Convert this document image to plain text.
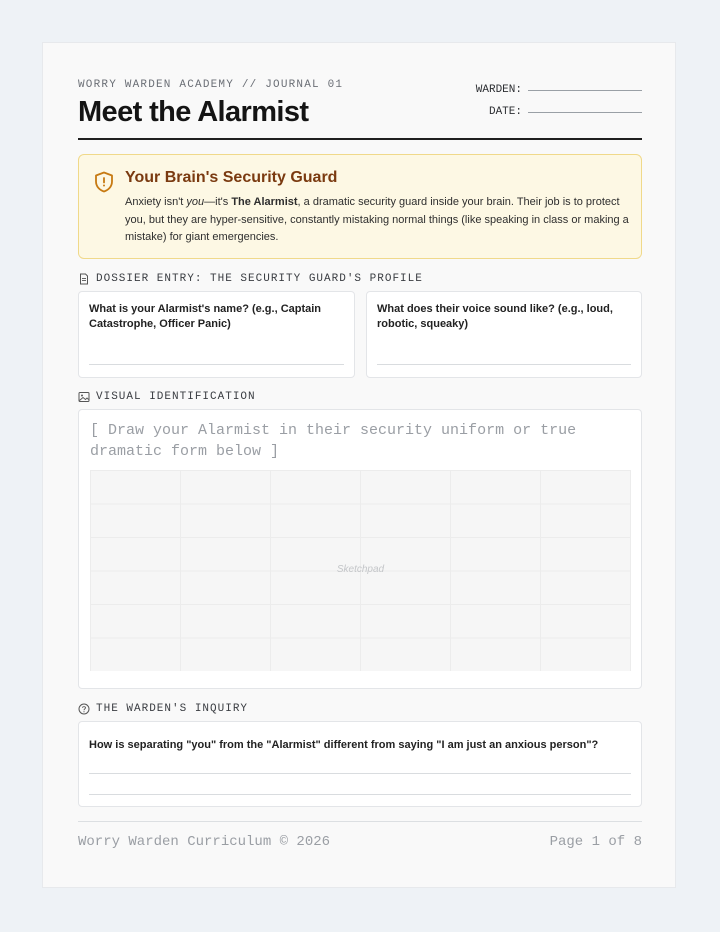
WORRY WARDEN ACADEMY // JOURNAL 01
Meet the Alarmist
WARDEN:
DATE:
Your Brain's Security Guard

Anxiety isn't you—it's The Alarmist, a dramatic security guard inside your brain. Their job is to protect you, but they are hyper-sensitive, constantly mistaking normal things (like speaking in class or making a mistake) for giant emergencies.

DOSSIER ENTRY: THE SECURITY GUARD'S PROFILE
What is your Alarmist's name? (e.g., Captain Catastrophe, Officer Panic)
What does their voice sound like? (e.g., loud, robotic, squeaky)
VISUAL IDENTIFICATION
[ Draw your Alarmist in their security uniform or true dramatic form below ]
Sketchpad
THE WARDEN'S INQUIRY
How is separating "you" from the "Alarmist" different from saying "I am just an anxious person"?
Worry Warden Curriculum © 2026	Page 1 of 8
